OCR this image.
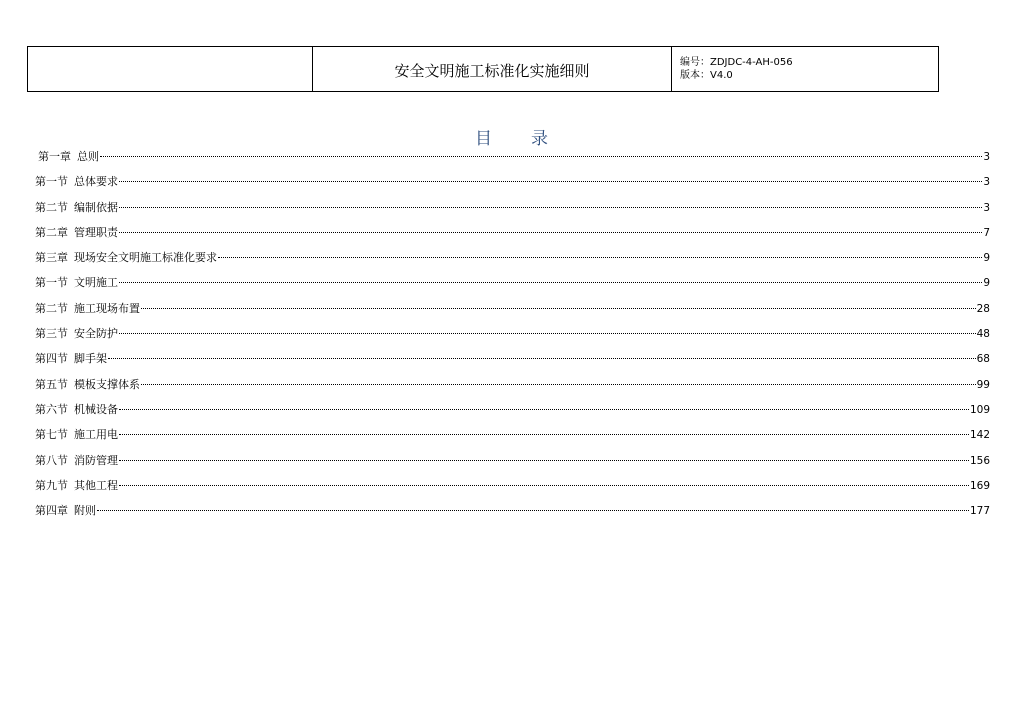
安全文明施工标准化实施细则	编号：ZDJDC-4-AH-056
版本：V4.0
目 录
第一章 总则	3
第一节 总体要求	3
第二节 编制依据	3
第二章 管理职责	7
第三章 现场安全文明施工标准化要求	9
第一节 文明施工	9
第二节 施工现场布置	28
第三节 安全防护	48
第四节 脚手架	68
第五节 模板支撑体系	99
第六节 机械设备	109
第七节 施工用电	142
第八节 消防管理	156
第九节 其他工程	169
第四章 附则	177
